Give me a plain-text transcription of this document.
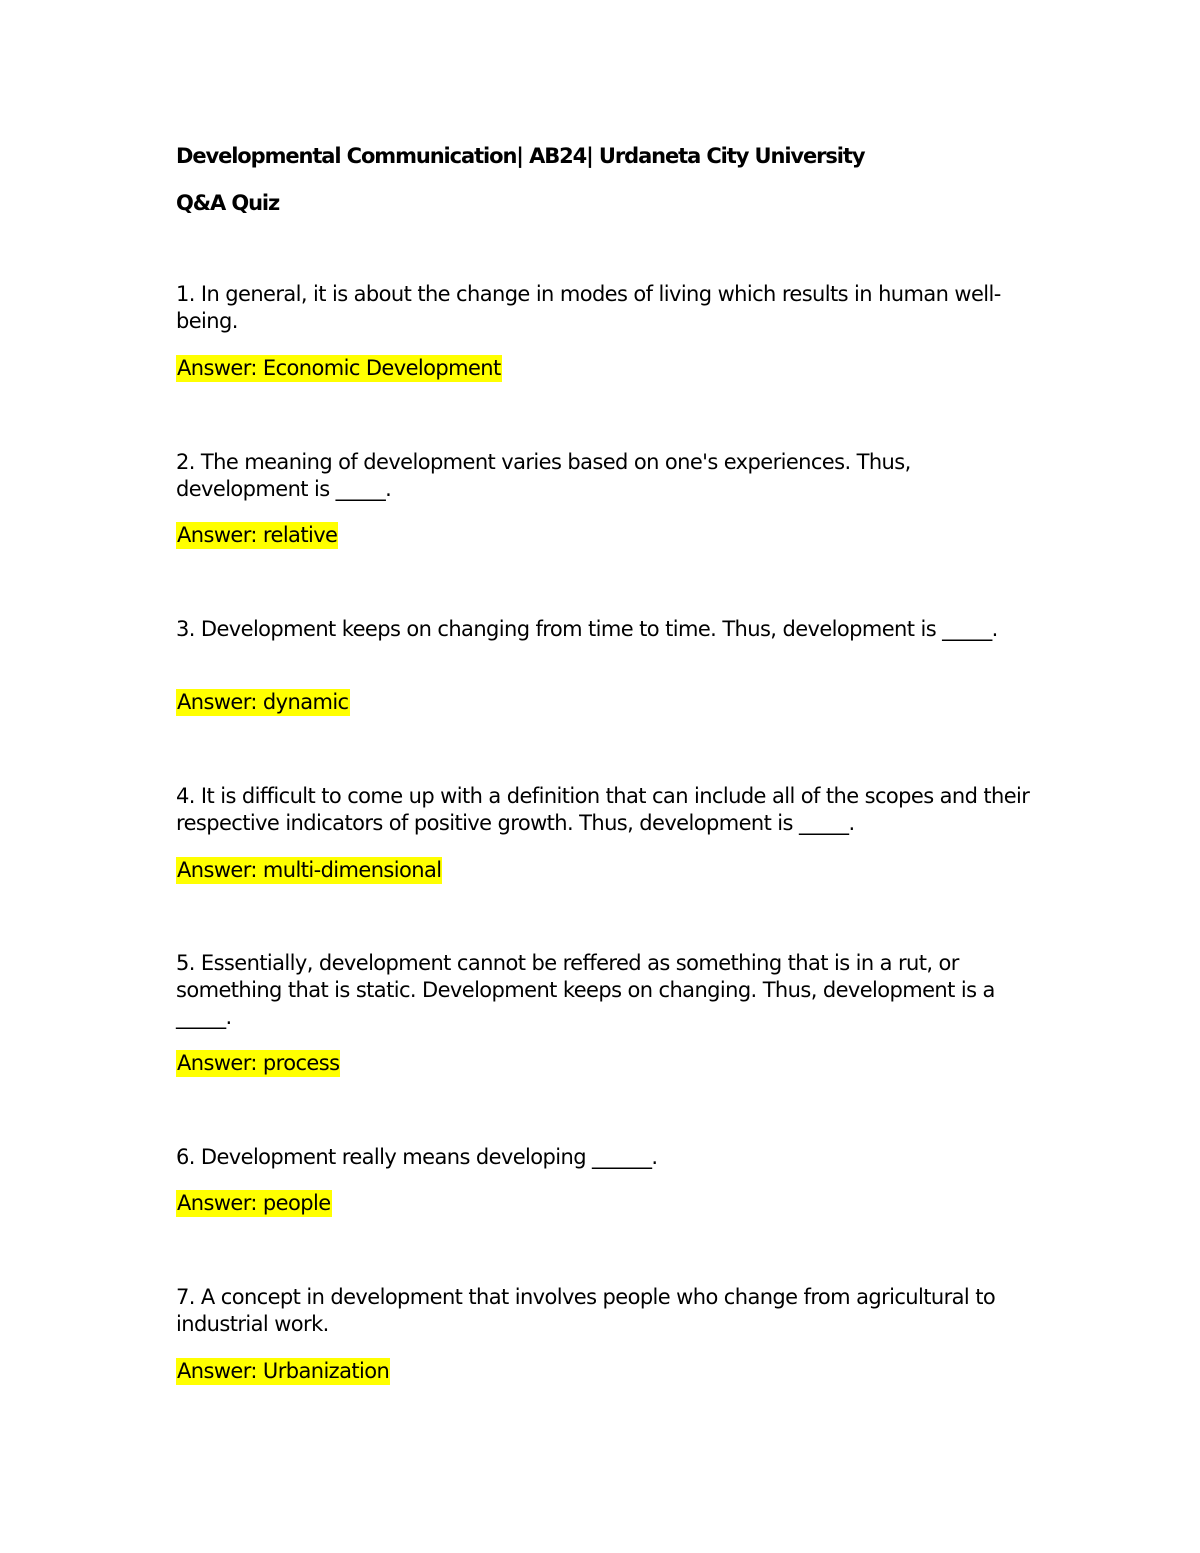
Developmental Communication| AB24| Urdaneta City University
Q&A Quiz
1. In general, it is about the change in modes of living which results in human well-being.
Answer: Economic Development
2. The meaning of development varies based on one's experiences. Thus, development is _____.
Answer: relative
3. Development keeps on changing from time to time. Thus, development is _____.
Answer: dynamic
4. It is difficult to come up with a definition that can include all of the scopes and their respective indicators of positive growth. Thus, development is _____.
Answer: multi-dimensional
5. Essentially, development cannot be reffered as something that is in a rut, or something that is static. Development keeps on changing. Thus, development is a _____.
Answer: process
6. Development really means developing ______.
Answer: people
7. A concept in development that involves people who change from agricultural to industrial work.
Answer: Urbanization
